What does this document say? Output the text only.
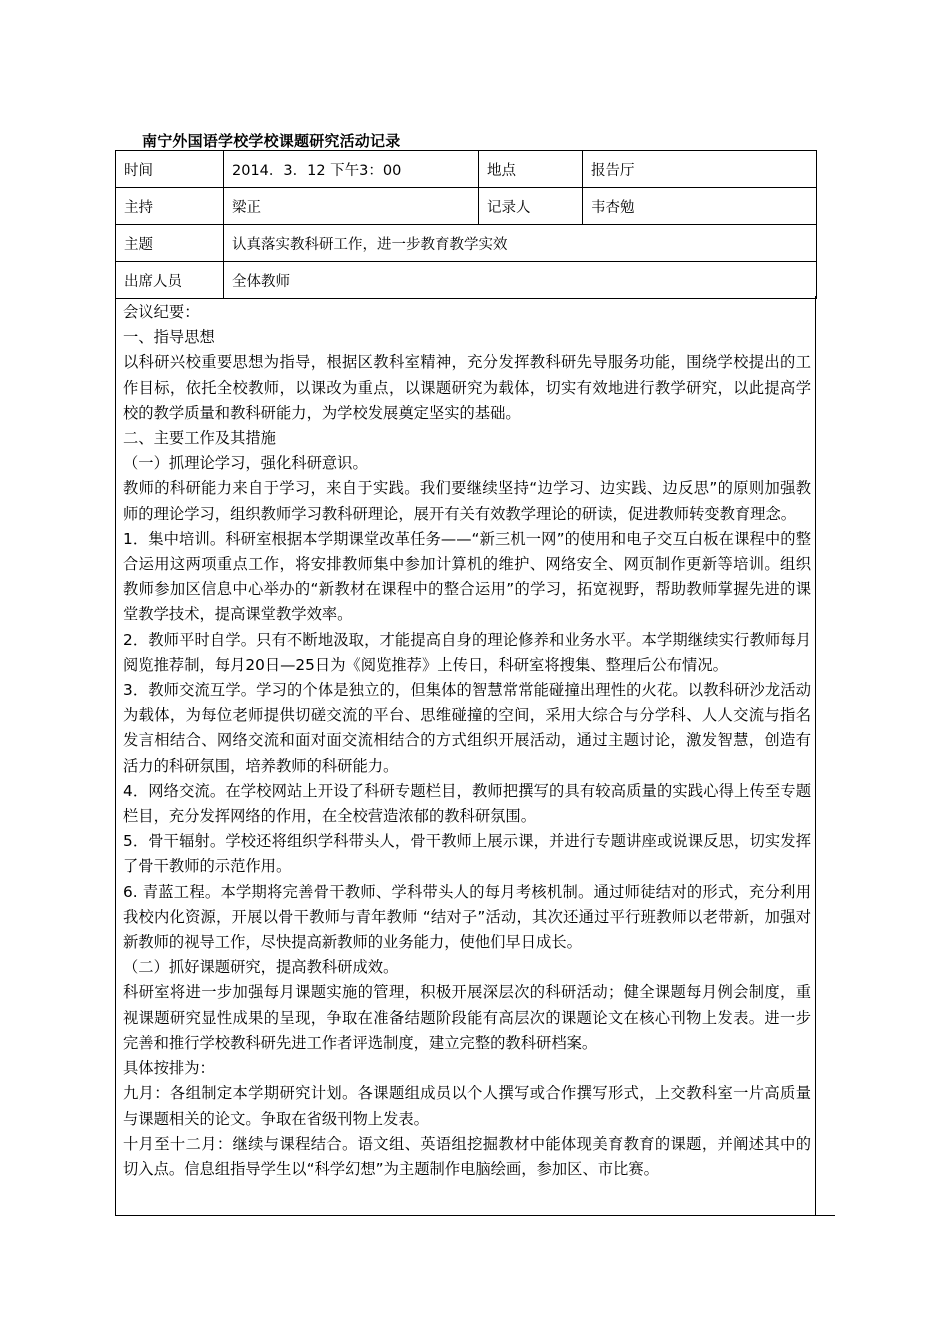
南宁外国语学校学校课题研究活动记录
时间	2014．3．12 下午3：00	地点	报告厅
主持	梁正	记录人	韦杏勉
主题	认真落实教科研工作，进一步教育教学实效		
出席人员	全体教师		

会议纪要：

一、指导思想

以科研兴校重要思想为指导，根据区教科室精神，充分发挥教科研先导服务功能，围绕学校提出的工作目标，依托全校教师，以课改为重点，以课题研究为载体，切实有效地进行教学研究，以此提高学校的教学质量和教科研能力，为学校发展奠定坚实的基础。

二、主要工作及其措施

（一）抓理论学习，强化科研意识。

教师的科研能力来自于学习，来自于实践。我们要继续坚持“边学习、边实践、边反思”的原则加强教师的理论学习，组织教师学习教科研理论，展开有关有效教学理论的研读，促进教师转变教育理念。

1．集中培训。科研室根据本学期课堂改革任务——“新三机一网”的使用和电子交互白板在课程中的整合运用这两项重点工作，将安排教师集中参加计算机的维护、网络安全、网页制作更新等培训。组织教师参加区信息中心举办的“新教材在课程中的整合运用”的学习，拓宽视野，帮助教师掌握先进的课堂教学技术，提高课堂教学效率。

2．教师平时自学。只有不断地汲取，才能提高自身的理论修养和业务水平。本学期继续实行教师每月阅览推荐制，每月20日—25日为《阅览推荐》上传日，科研室将搜集、整理后公布情况。

3．教师交流互学。学习的个体是独立的，但集体的智慧常常能碰撞出理性的火花。以教科研沙龙活动为载体，为每位老师提供切磋交流的平台、思维碰撞的空间，采用大综合与分学科、人人交流与指名发言相结合、网络交流和面对面交流相结合的方式组织开展活动，通过主题讨论，激发智慧，创造有活力的科研氛围，培养教师的科研能力。

4．网络交流。在学校网站上开设了科研专题栏目，教师把撰写的具有较高质量的实践心得上传至专题栏目，充分发挥网络的作用，在全校营造浓郁的教科研氛围。

5．骨干辐射。学校还将组织学科带头人，骨干教师上展示课，并进行专题讲座或说课反思，切实发挥了骨干教师的示范作用。

6. 青蓝工程。本学期将完善骨干教师、学科带头人的每月考核机制。通过师徒结对的形式，充分利用我校内化资源，开展以骨干教师与青年教师 “结对子”活动，其次还通过平行班教师以老带新，加强对新教师的视导工作，尽快提高新教师的业务能力，使他们早日成长。

（二）抓好课题研究，提高教科研成效。

科研室将进一步加强每月课题实施的管理，积极开展深层次的科研活动；健全课题每月例会制度，重视课题研究显性成果的呈现，争取在准备结题阶段能有高层次的课题论文在核心刊物上发表。进一步完善和推行学校教科研先进工作者评选制度，建立完整的教科研档案。

具体按排为：

九月：各组制定本学期研究计划。各课题组成员以个人撰写或合作撰写形式，上交教科室一片高质量与课题相关的论文。争取在省级刊物上发表。

十月至十二月：继续与课程结合。语文组、英语组挖掘教材中能体现美育教育的课题，并阐述其中的切入点。信息组指导学生以“科学幻想”为主题制作电脑绘画，参加区、市比赛。
